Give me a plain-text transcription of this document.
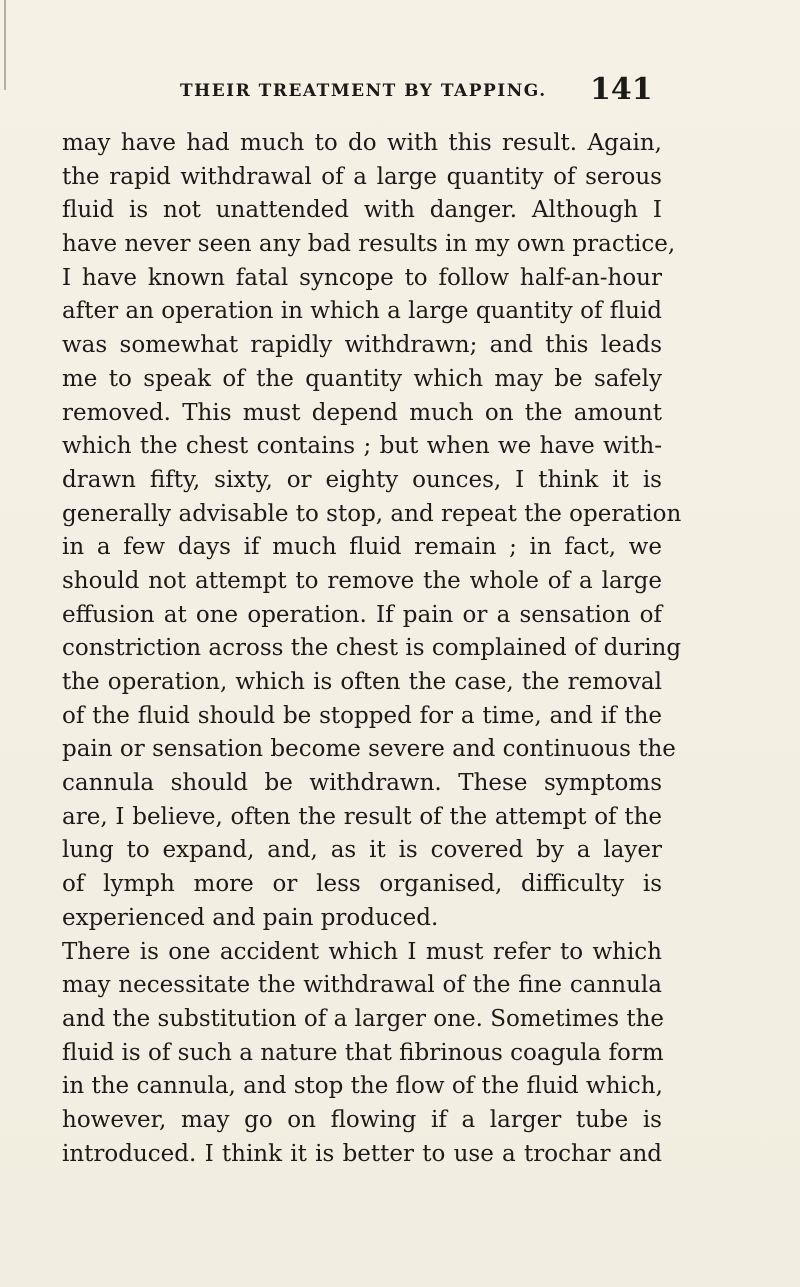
THEIR TREATMENT BY TAPPING. 141
may have had much to do with this result. Again,
the rapid withdrawal of a large quantity of serous
fluid is not unattended with danger. Although I
have never seen any bad results in my own practice,
I have known fatal syncope to follow half-an-hour
after an operation in which a large quantity of fluid
was somewhat rapidly withdrawn; and this leads
me to speak of the quantity which may be safely
removed. This must depend much on the amount
which the chest contains ; but when we have with-
drawn fifty, sixty, or eighty ounces, I think it is
generally advisable to stop, and repeat the operation
in a few days if much fluid remain ; in fact, we
should not attempt to remove the whole of a large
effusion at one operation. If pain or a sensation of
constriction across the chest is complained of during
the operation, which is often the case, the removal
of the fluid should be stopped for a time, and if the
pain or sensation become severe and continuous the
cannula should be withdrawn. These symptoms
are, I believe, often the result of the attempt of the
lung to expand, and, as it is covered by a layer
of lymph more or less organised, difficulty is
experienced and pain produced.
There is one accident which I must refer to which
may necessitate the withdrawal of the fine cannula
and the substitution of a larger one. Sometimes the
fluid is of such a nature that fibrinous coagula form
in the cannula, and stop the flow of the fluid which,
however, may go on flowing if a larger tube is
introduced. I think it is better to use a trochar and
